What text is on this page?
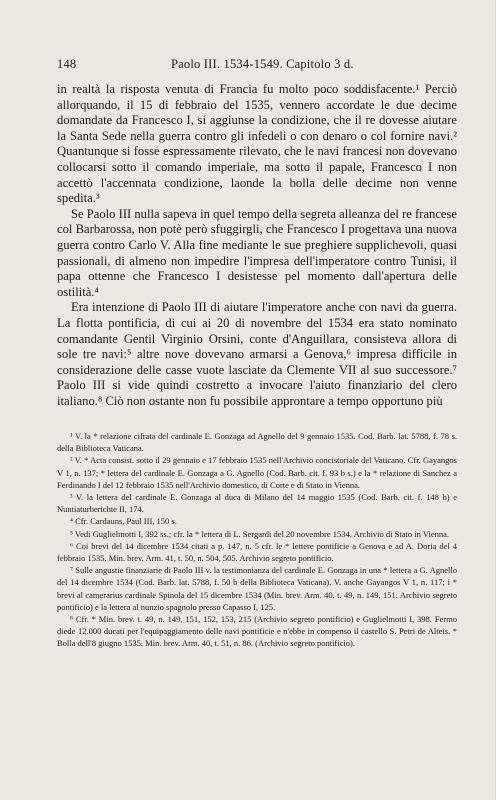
148	Paolo III. 1534-1549. Capitolo 3 d.

in realtà la risposta venuta di Francia fu molto poco soddisfacente.¹ Perciò allorquando, il 15 di febbraio del 1535, vennero accordate le due decime domandate da Francesco I, si aggiunse la condizione, che il re dovesse aiutare la Santa Sede nella guerra contro gli infedeli o con denaro o col fornire navi.² Quantunque si fosse espressamente rilevato, che le navi francesi non dovevano collocarsi sotto il comando imperiale, ma sotto il papale, Francesco I non accettò l'accennata condizione, laonde la bolla delle decime non venne spedita.³

Se Paolo III nulla sapeva in quel tempo della segreta alleanza del re francese col Barbarossa, non potè però sfuggirgli, che Francesco I progettava una nuova guerra contro Carlo V. Alla fine mediante le sue preghiere supplichevoli, quasi passionali, di almeno non impedire l'impresa dell'imperatore contro Tunisi, il papa ottenne che Francesco I desistesse pel momento dall'apertura delle ostilità.⁴

Era intenzione di Paolo III di aiutare l'imperatore anche con navi da guerra. La flotta pontificia, di cui ai 20 di novembre del 1534 era stato nominato comandante Gentil Virginio Orsini, conte d'Anguillara, consisteva allora di sole tre navi:⁵ altre nove dovevano armarsi a Genova,⁶ impresa difficile in considerazione delle casse vuote lasciate da Clemente VII al suo successore.⁷ Paolo III si vide quindi costretto a invocare l'aiuto finanziario del clero italiano.⁸ Ciò non ostante non fu possibile approntare a tempo opportuno più

¹ V. la * relazione cifrata del cardinale E. Gonzaga ad Agnello del 9 gennaio 1535. Cod. Barb. lat. 5788, f. 78 s. della Biblioteca Vaticana.

² V. * Acta consist. sotto il 29 gennaio e 17 febbraio 1535 nell'Archivio concistoriale del Vaticano. Cfr. Gayangos V 1, n. 137; * lettera del cardinale E. Gonzaga a G. Agnello (Cod. Barb. cit. f. 93 b s.) e la * relazione di Sanchez a Ferdinando I del 12 febbraio 1535 nell'Archivio domestico, di Corte e di Stato in Vienna.

³ V. la lettera del cardinale E. Gonzaga al duca di Milano del 14 maggio 1535 (Cod. Barb. cit. f. 148 b) e Nuntiaturberichte II, 174.

⁴ Cfr. Cardauns, Paul III, 150 s.

⁵ Vedi Guglielmotti I, 392 ss.; cfr. la * lettera di L. Sergardi del 20 novembre 1534. Archivio di Stato in Vienna.

⁶ Coi brevi del 14 dicembre 1534 citati a p. 147, n. 5 cfr. le * lettere pontificie a Genova e ad A. Doria del 4 febbraio 1535. Min. brev. Arm. 41, t. 50, n. 504, 505. Archivio segreto pontificio.

⁷ Sulle angustie finanziarie di Paolo III v. la testimonianza del cardinale E. Gonzaga in una * lettera a G. Agnello del 14 dicembre 1534 (Cod. Barb. lat. 5788, f. 50 b della Biblioteca Vaticana). V. anche Gayangos V 1, n. 117; i * brevi al camerarius cardinale Spinola del 15 dicembre 1534 (Min. brev. Arm. 40, t. 49, n. 149, 151. Archivio segreto pontificio) e la lettera al nunzio spagnolo presso Capasso I, 125.

⁸ Cfr. * Min. brev. t. 49, n. 149, 151, 152, 153, 215 (Archivio segreto pontificio) e Guglielmotti I, 398. Fermo diede 12.000 ducati per l'equipaggiamento delle navi pontificie e n'ebbe in compenso il castello S. Petri de Alteis. * Bolla dell'8 giugno 1535. Min. brev. Arm. 40, t. 51, n. 86. (Archivio segreto pontificio).
